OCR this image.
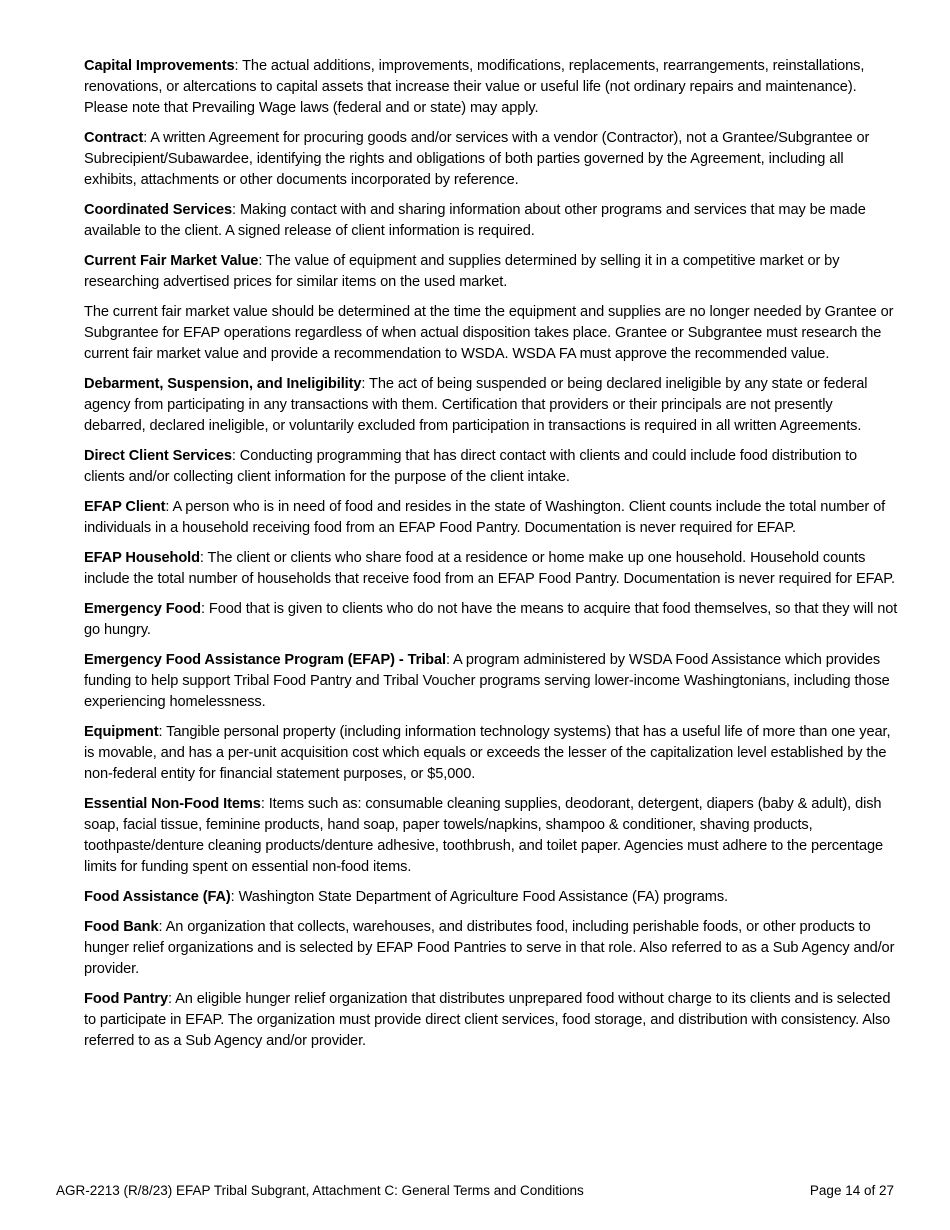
Capital Improvements: The actual additions, improvements, modifications, replacements, rearrangements, reinstallations, renovations, or altercations to capital assets that increase their value or useful life (not ordinary repairs and maintenance). Please note that Prevailing Wage laws (federal and or state) may apply.

Contract: A written Agreement for procuring goods and/or services with a vendor (Contractor), not a Grantee/Subgrantee or Subrecipient/Subawardee, identifying the rights and obligations of both parties governed by the Agreement, including all exhibits, attachments or other documents incorporated by reference.

Coordinated Services: Making contact with and sharing information about other programs and services that may be made available to the client. A signed release of client information is required.

Current Fair Market Value: The value of equipment and supplies determined by selling it in a competitive market or by researching advertised prices for similar items on the used market.

The current fair market value should be determined at the time the equipment and supplies are no longer needed by Grantee or Subgrantee for EFAP operations regardless of when actual disposition takes place. Grantee or Subgrantee must research the current fair market value and provide a recommendation to WSDA. WSDA FA must approve the recommended value.

Debarment, Suspension, and Ineligibility: The act of being suspended or being declared ineligible by any state or federal agency from participating in any transactions with them. Certification that providers or their principals are not presently debarred, declared ineligible, or voluntarily excluded from participation in transactions is required in all written Agreements.

Direct Client Services: Conducting programming that has direct contact with clients and could include food distribution to clients and/or collecting client information for the purpose of the client intake.

EFAP Client: A person who is in need of food and resides in the state of Washington. Client counts include the total number of individuals in a household receiving food from an EFAP Food Pantry. Documentation is never required for EFAP.

EFAP Household: The client or clients who share food at a residence or home make up one household. Household counts include the total number of households that receive food from an EFAP Food Pantry. Documentation is never required for EFAP.

Emergency Food: Food that is given to clients who do not have the means to acquire that food themselves, so that they will not go hungry.

Emergency Food Assistance Program (EFAP) - Tribal: A program administered by WSDA Food Assistance which provides funding to help support Tribal Food Pantry and Tribal Voucher programs serving lower-income Washingtonians, including those experiencing homelessness.

Equipment: Tangible personal property (including information technology systems) that has a useful life of more than one year, is movable, and has a per-unit acquisition cost which equals or exceeds the lesser of the capitalization level established by the non-federal entity for financial statement purposes, or $5,000.

Essential Non-Food Items: Items such as: consumable cleaning supplies, deodorant, detergent, diapers (baby & adult), dish soap, facial tissue, feminine products, hand soap, paper towels/napkins, shampoo & conditioner, shaving products, toothpaste/denture cleaning products/denture adhesive, toothbrush, and toilet paper. Agencies must adhere to the percentage limits for funding spent on essential non-food items.

Food Assistance (FA): Washington State Department of Agriculture Food Assistance (FA) programs.

Food Bank: An organization that collects, warehouses, and distributes food, including perishable foods, or other products to hunger relief organizations and is selected by EFAP Food Pantries to serve in that role. Also referred to as a Sub Agency and/or provider.

Food Pantry: An eligible hunger relief organization that distributes unprepared food without charge to its clients and is selected to participate in EFAP. The organization must provide direct client services, food storage, and distribution with consistency. Also referred to as a Sub Agency and/or provider.

AGR-2213 (R/8/23) EFAP Tribal Subgrant, Attachment C: General Terms and Conditions	Page 14 of 27
